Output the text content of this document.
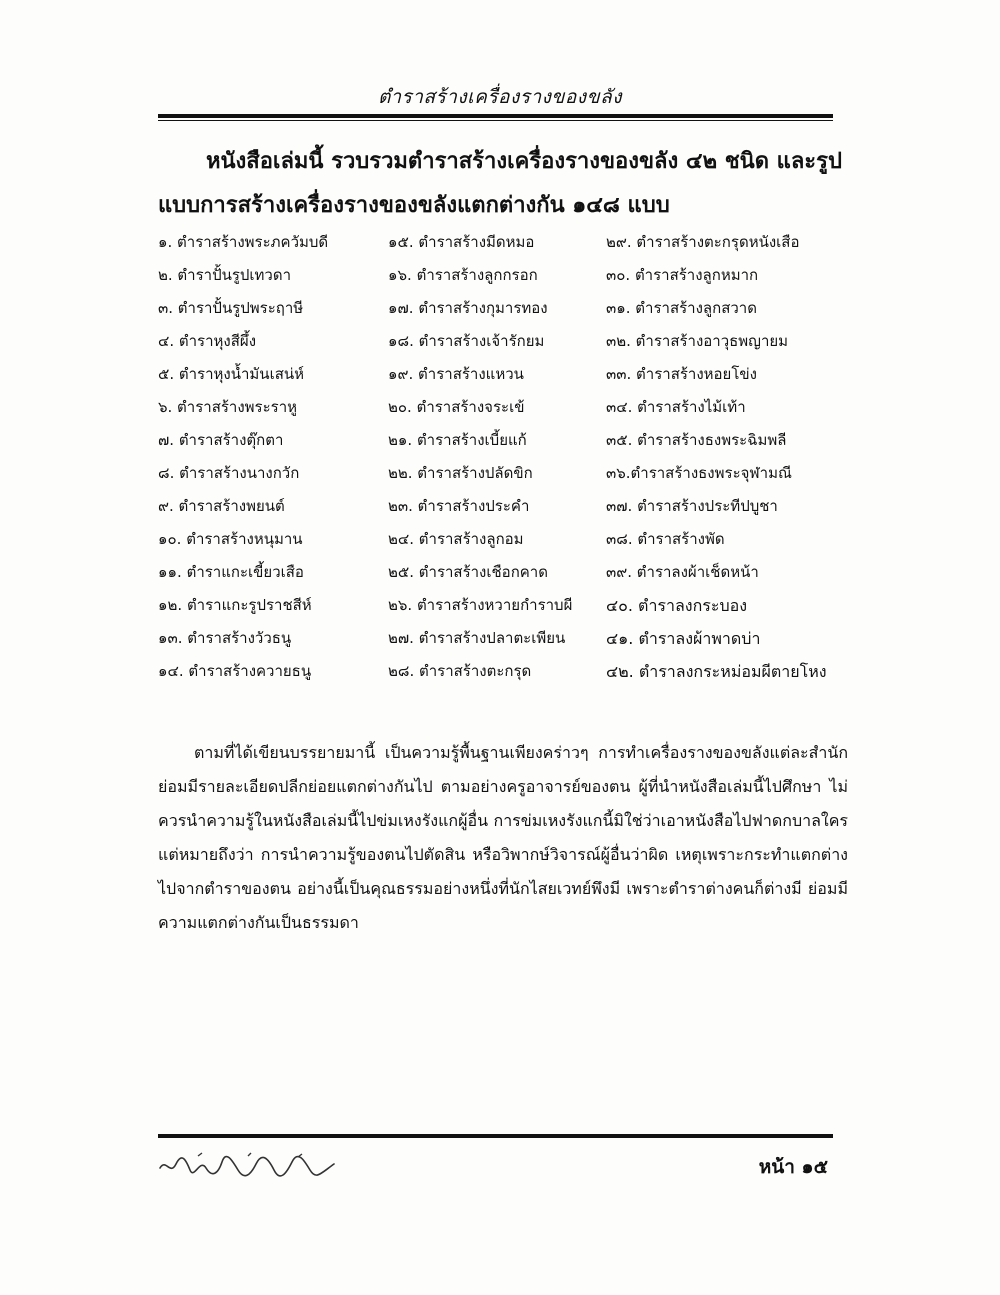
ตำราสร้างเครื่องรางของขลัง

หนังสือเล่มนี้ รวบรวมตำราสร้างเครื่องรางของขลัง ๔๒ ชนิด และรูปแบบการสร้างเครื่องรางของขลังแตกต่างกัน ๑๔๘ แบบ

๑. ตำราสร้างพระภควัมบดี
๒. ตำราปั้นรูปเทวดา
๓. ตำราปั้นรูปพระฤาษี
๔. ตำราหุงสีผึ้ง
๕. ตำราหุงน้ำมันเสน่ห์
๖. ตำราสร้างพระราหู
๗. ตำราสร้างตุ๊กตา
๘. ตำราสร้างนางกวัก
๙. ตำราสร้างพยนต์
๑๐. ตำราสร้างหนุมาน
๑๑. ตำราแกะเขี้ยวเสือ
๑๒. ตำราแกะรูปราชสีห์
๑๓. ตำราสร้างวัวธนู
๑๔. ตำราสร้างควายธนู
๑๕. ตำราสร้างมีดหมอ
๑๖. ตำราสร้างลูกกรอก
๑๗. ตำราสร้างกุมารทอง
๑๘. ตำราสร้างเจ้ารักยม
๑๙. ตำราสร้างแหวน
๒๐. ตำราสร้างจระเข้
๒๑. ตำราสร้างเบี้ยแก้
๒๒. ตำราสร้างปลัดขิก
๒๓. ตำราสร้างประคำ
๒๔. ตำราสร้างลูกอม
๒๕. ตำราสร้างเชือกคาด
๒๖. ตำราสร้างหวายกำราบผี
๒๗. ตำราสร้างปลาตะเพียน
๒๘. ตำราสร้างตะกรุด
๒๙. ตำราสร้างตะกรุดหนังเสือ
๓๐. ตำราสร้างลูกหมาก
๓๑. ตำราสร้างลูกสวาด
๓๒. ตำราสร้างอาวุธพญายม
๓๓. ตำราสร้างหอยโข่ง
๓๔. ตำราสร้างไม้เท้า
๓๕. ตำราสร้างธงพระฉิมพลี
๓๖.ตำราสร้างธงพระจุฬามณี
๓๗. ตำราสร้างประทีปบูชา
๓๘. ตำราสร้างพัด
๓๙. ตำราลงผ้าเช็ดหน้า
๔๐. ตำราลงกระบอง
๔๑. ตำราลงผ้าพาดบ่า
๔๒. ตำราลงกระหม่อมผีตายโหง

ตามที่ได้เขียนบรรยายมานี้ เป็นความรู้พื้นฐานเพียงคร่าวๆ การทำเครื่องรางของขลังแต่ละสำนักย่อมมีรายละเอียดปลีกย่อยแตกต่างกันไป ตามอย่างครูอาจารย์ของตน ผู้ที่นำหนังสือเล่มนี้ไปศึกษา ไม่ควรนำความรู้ในหนังสือเล่มนี้ไปข่มเหงรังแกผู้อื่น การข่มเหงรังแกนี้มิใช่ว่าเอาหนังสือไปฟาดกบาลใคร แต่หมายถึงว่า การนำความรู้ของตนไปตัดสิน หรือวิพากษ์วิจารณ์ผู้อื่นว่าผิด เหตุเพราะกระทำแตกต่างไปจากตำราของตน อย่างนี้เป็นคุณธรรมอย่างหนึ่งที่นักไสยเวทย์พึงมี เพราะตำราต่างคนก็ต่างมี ย่อมมีความแตกต่างกันเป็นธรรมดา

หน้า ๑๕
